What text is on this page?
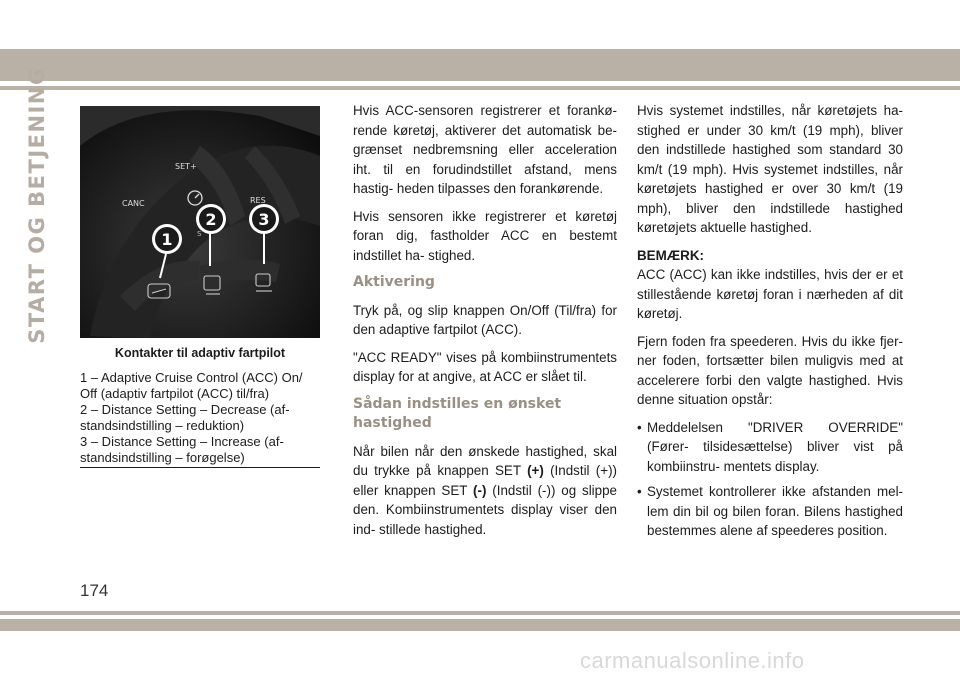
START OG BETJENING	SET+
CANC	RES
S
1
2	3
Kontakter til adaptiv fartpilot
1 – Adaptive Cruise Control (ACC) On/ Off (adaptiv fartpilot (ACC) til/fra)
2 – Distance Setting – Decrease (af- standsindstilling – reduktion)
3 – Distance Setting – Increase (af- standsindstilling – forøgelse)

Hvis ACC-sensoren registrerer et forankø- rende køretøj, aktiverer det automatisk be- grænset nedbremsning eller acceleration iht. til en forudindstillet afstand, mens hastig- heden tilpasses den forankørende.

Hvis sensoren ikke registrerer et køretøj foran dig, fastholder ACC en bestemt indstillet ha- stighed.

Aktivering

Tryk på, og slip knappen On/Off (Til/fra) for den adaptive fartpilot (ACC).

"ACC READY" vises på kombiinstrumentets display for at angive, at ACC er slået til.

Sådan indstilles en ønsket hastighed

Når bilen når den ønskede hastighed, skal du trykke på knappen SET (+) (Indstil (+)) eller knappen SET (-) (Indstil (-)) og slippe den. Kombiinstrumentets display viser den ind- stillede hastighed.

Hvis systemet indstilles, når køretøjets ha- stighed er under 30 km/t (19 mph), bliver den indstillede hastighed som standard 30 km/t (19 mph). Hvis systemet indstilles, når køretøjets hastighed er over 30 km/t (19 mph), bliver den indstillede hastighed køretøjets aktuelle hastighed.

BEMÆRK:

ACC (ACC) kan ikke indstilles, hvis der er et stillestående køretøj foran i nærheden af dit køretøj.

Fjern foden fra speederen. Hvis du ikke fjer- ner foden, fortsætter bilen muligvis med at accelerere forbi den valgte hastighed. Hvis denne situation opstår:

• Meddelelsen "DRIVER OVERRIDE" (Fører- tilsidesættelse) bliver vist på kombiinstru- mentets display.
• Systemet kontrollerer ikke afstanden mel- lem din bil og bilen foran. Bilens hastighed bestemmes alene af speederes position.
174
carmanualsonline.info
